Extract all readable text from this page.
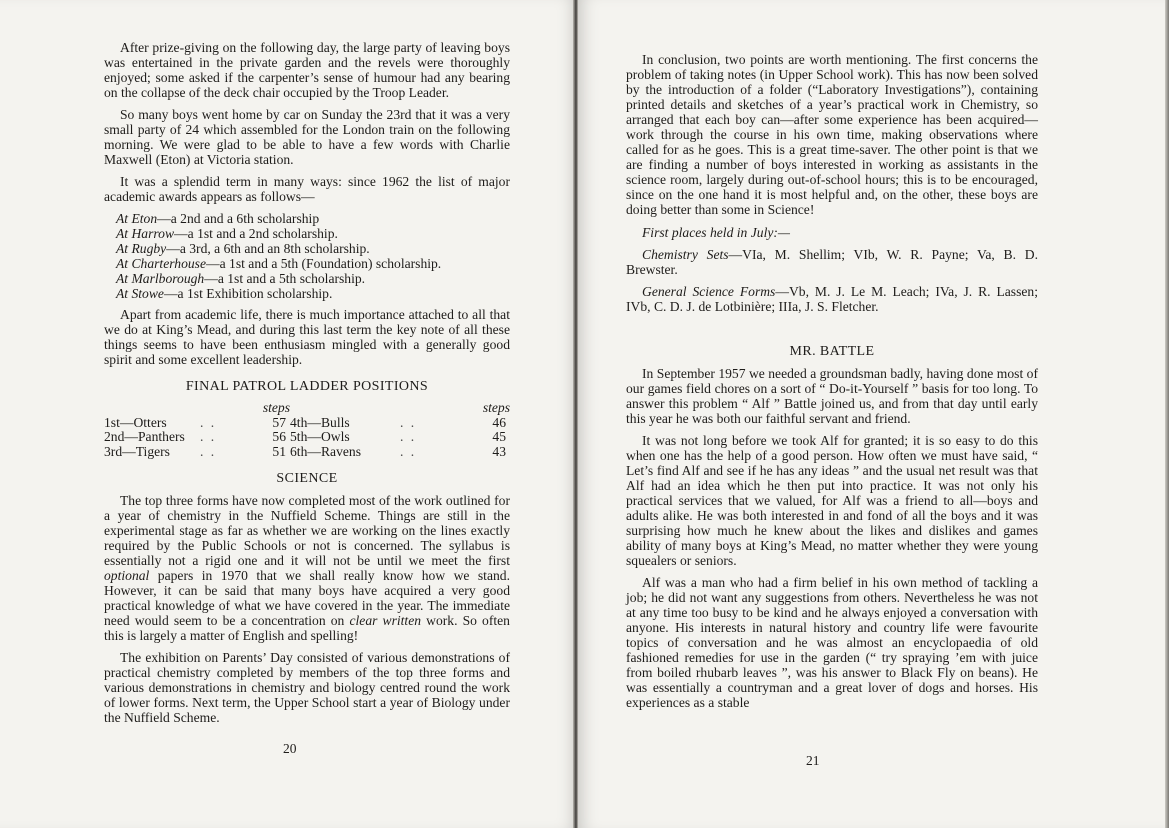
After prize-giving on the following day, the large party of leaving boys was entertained in the private garden and the revels were thoroughly enjoyed; some asked if the carpenter’s sense of humour had any bearing on the collapse of the deck chair occupied by the Troop Leader.

So many boys went home by car on Sunday the 23rd that it was a very small party of 24 which assembled for the London train on the following morning. We were glad to be able to have a few words with Charlie Maxwell (Eton) at Victoria station.

It was a splendid term in many ways: since 1962 the list of major academic awards appears as follows—

At Eton—a 2nd and a 6th scholarship
At Harrow—a 1st and a 2nd scholarship.
At Rugby—a 3rd, a 6th and an 8th scholarship.
At Charterhouse—a 1st and a 5th (Foundation) scholarship.
At Marlborough—a 1st and a 5th scholarship.
At Stowe—a 1st Exhibition scholarship.

Apart from academic life, there is much importance attached to all that we do at King’s Mead, and during this last term the key note of all these things seems to have been enthusiasm mingled with a generally good spirit and some excellent leadership.

FINAL PATROL LADDER POSITIONS
		steps			steps
1st—Otters	. .	57	4th—Bulls	. .	46
2nd—Panthers	. .	56	5th—Owls	. .	45
3rd—Tigers	. .	51	6th—Ravens	. .	43
SCIENCE

The top three forms have now completed most of the work outlined for a year of chemistry in the Nuffield Scheme. Things are still in the experimental stage as far as whether we are working on the lines exactly required by the Public Schools or not is concerned. The syllabus is essentially not a rigid one and it will not be until we meet the first optional papers in 1970 that we shall really know how we stand. However, it can be said that many boys have acquired a very good practical knowledge of what we have covered in the year. The immediate need would seem to be a concentration on clear written work. So often this is largely a matter of English and spelling!

The exhibition on Parents’ Day consisted of various demonstrations of practical chemistry completed by members of the top three forms and various demonstrations in chemistry and biology centred round the work of lower forms. Next term, the Upper School start a year of Biology under the Nuffield Scheme.

20

In conclusion, two points are worth mentioning. The first concerns the problem of taking notes (in Upper School work). This has now been solved by the introduction of a folder (“Laboratory Investigations”), containing printed details and sketches of a year’s practical work in Chemistry, so arranged that each boy can—after some experience has been acquired—work through the course in his own time, making observations where called for as he goes. This is a great time-saver. The other point is that we are finding a number of boys interested in working as assistants in the science room, largely during out-of-school hours; this is to be encouraged, since on the one hand it is most helpful and, on the other, these boys are doing better than some in Science!

First places held in July:—

Chemistry Sets—VIa, M. Shellim; VIb, W. R. Payne; Va, B. D. Brewster.

General Science Forms—Vb, M. J. Le M. Leach; IVa, J. R. Lassen; IVb, C. D. J. de Lotbinière; IIIa, J. S. Fletcher.

MR. BATTLE

In September 1957 we needed a groundsman badly, having done most of our games field chores on a sort of “ Do-it-Yourself ” basis for too long. To answer this problem “ Alf ” Battle joined us, and from that day until early this year he was both our faithful servant and friend.

It was not long before we took Alf for granted; it is so easy to do this when one has the help of a good person. How often we must have said, “ Let’s find Alf and see if he has any ideas ” and the usual net result was that Alf had an idea which he then put into practice. It was not only his practical services that we valued, for Alf was a friend to all—boys and adults alike. He was both interested in and fond of all the boys and it was surprising how much he knew about the likes and dislikes and games ability of many boys at King’s Mead, no matter whether they were young squealers or seniors.

Alf was a man who had a firm belief in his own method of tackling a job; he did not want any suggestions from others. Nevertheless he was not at any time too busy to be kind and he always enjoyed a conversation with anyone. His interests in natural history and country life were favourite topics of conversation and he was almost an encyclopaedia of old fashioned remedies for use in the garden (“ try spraying ’em with juice from boiled rhubarb leaves ”, was his answer to Black Fly on beans). He was essentially a countryman and a great lover of dogs and horses. His experiences as a stable

21
